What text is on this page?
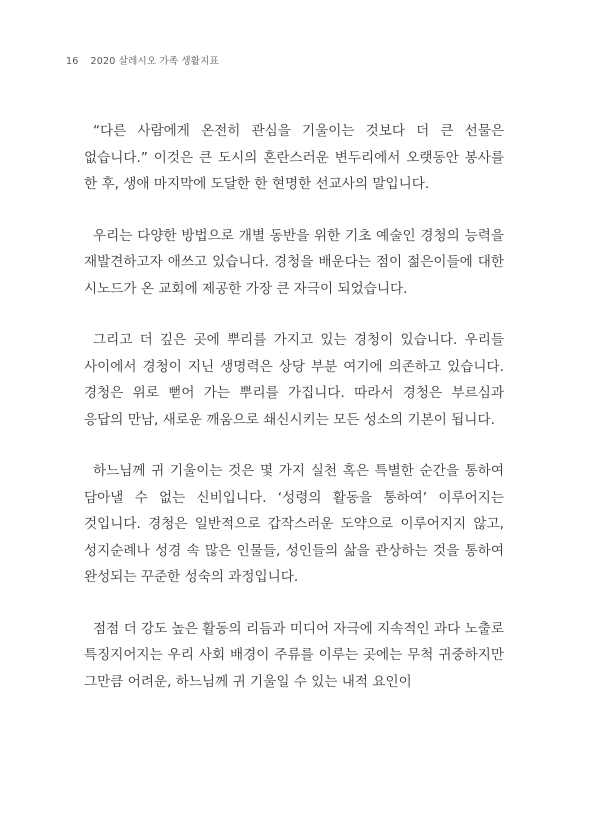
16 2020 살레시오 가족 생활지표

“다른 사람에게 온전히 관심을 기울이는 것보다 더 큰 선물은 없습니다.” 이것은 큰 도시의 혼란스러운 변두리에서 오랫동안 봉사를 한 후, 생애 마지막에 도달한 한 현명한 선교사의 말입니다.

우리는 다양한 방법으로 개별 동반을 위한 기초 예술인 경청의 능력을 재발견하고자 애쓰고 있습니다. 경청을 배운다는 점이 젊은이들에 대한 시노드가 온 교회에 제공한 가장 큰 자극이 되었습니다.

그리고 더 깊은 곳에 뿌리를 가지고 있는 경청이 있습니다. 우리들 사이에서 경청이 지닌 생명력은 상당 부분 여기에 의존하고 있습니다. 경청은 위로 뻗어 가는 뿌리를 가집니다. 따라서 경청은 부르심과 응답의 만남, 새로운 깨움으로 쇄신시키는 모든 성소의 기본이 됩니다.

하느님께 귀 기울이는 것은 몇 가지 실천 혹은 특별한 순간을 통하여 담아낼 수 없는 신비입니다. ‘성령의 활동을 통하여’ 이루어지는 것입니다. 경청은 일반적으로 갑작스러운 도약으로 이루어지지 않고, 성지순례나 성경 속 많은 인물들, 성인들의 삶을 관상하는 것을 통하여 완성되는 꾸준한 성숙의 과정입니다.

점점 더 강도 높은 활동의 리듬과 미디어 자극에 지속적인 과다 노출로 특징지어지는 우리 사회 배경이 주류를 이루는 곳에는 무척 귀중하지만 그만큼 어려운, 하느님께 귀 기울일 수 있는 내적 요인이
